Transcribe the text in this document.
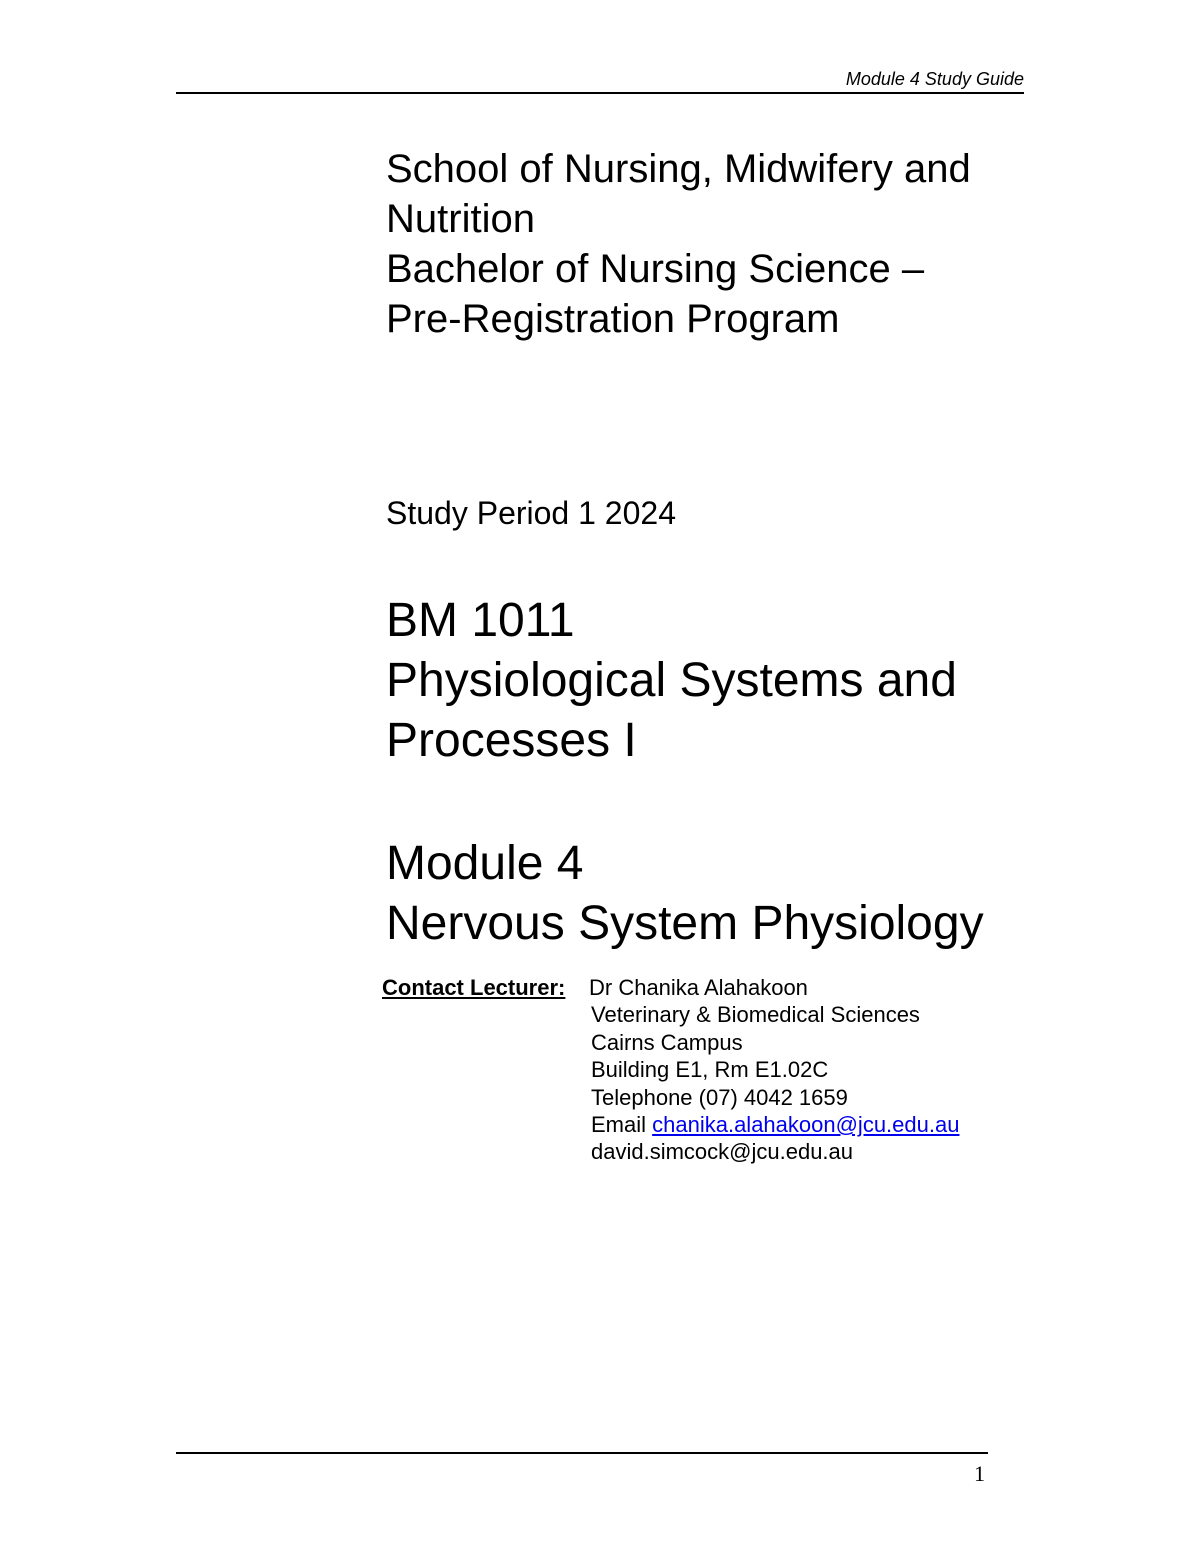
Module 4 Study Guide
School of Nursing, Midwifery and
Nutrition
Bachelor of Nursing Science –
Pre-Registration Program
Study Period 1 2024
BM 1011
Physiological Systems and
Processes I
Module 4
Nervous System Physiology
Contact Lecturer: Dr Chanika Alahakoon
Veterinary & Biomedical Sciences
Cairns Campus
Building E1, Rm E1.02C
Telephone (07) 4042 1659
Email chanika.alahakoon@jcu.edu.au
david.simcock@jcu.edu.au
1
